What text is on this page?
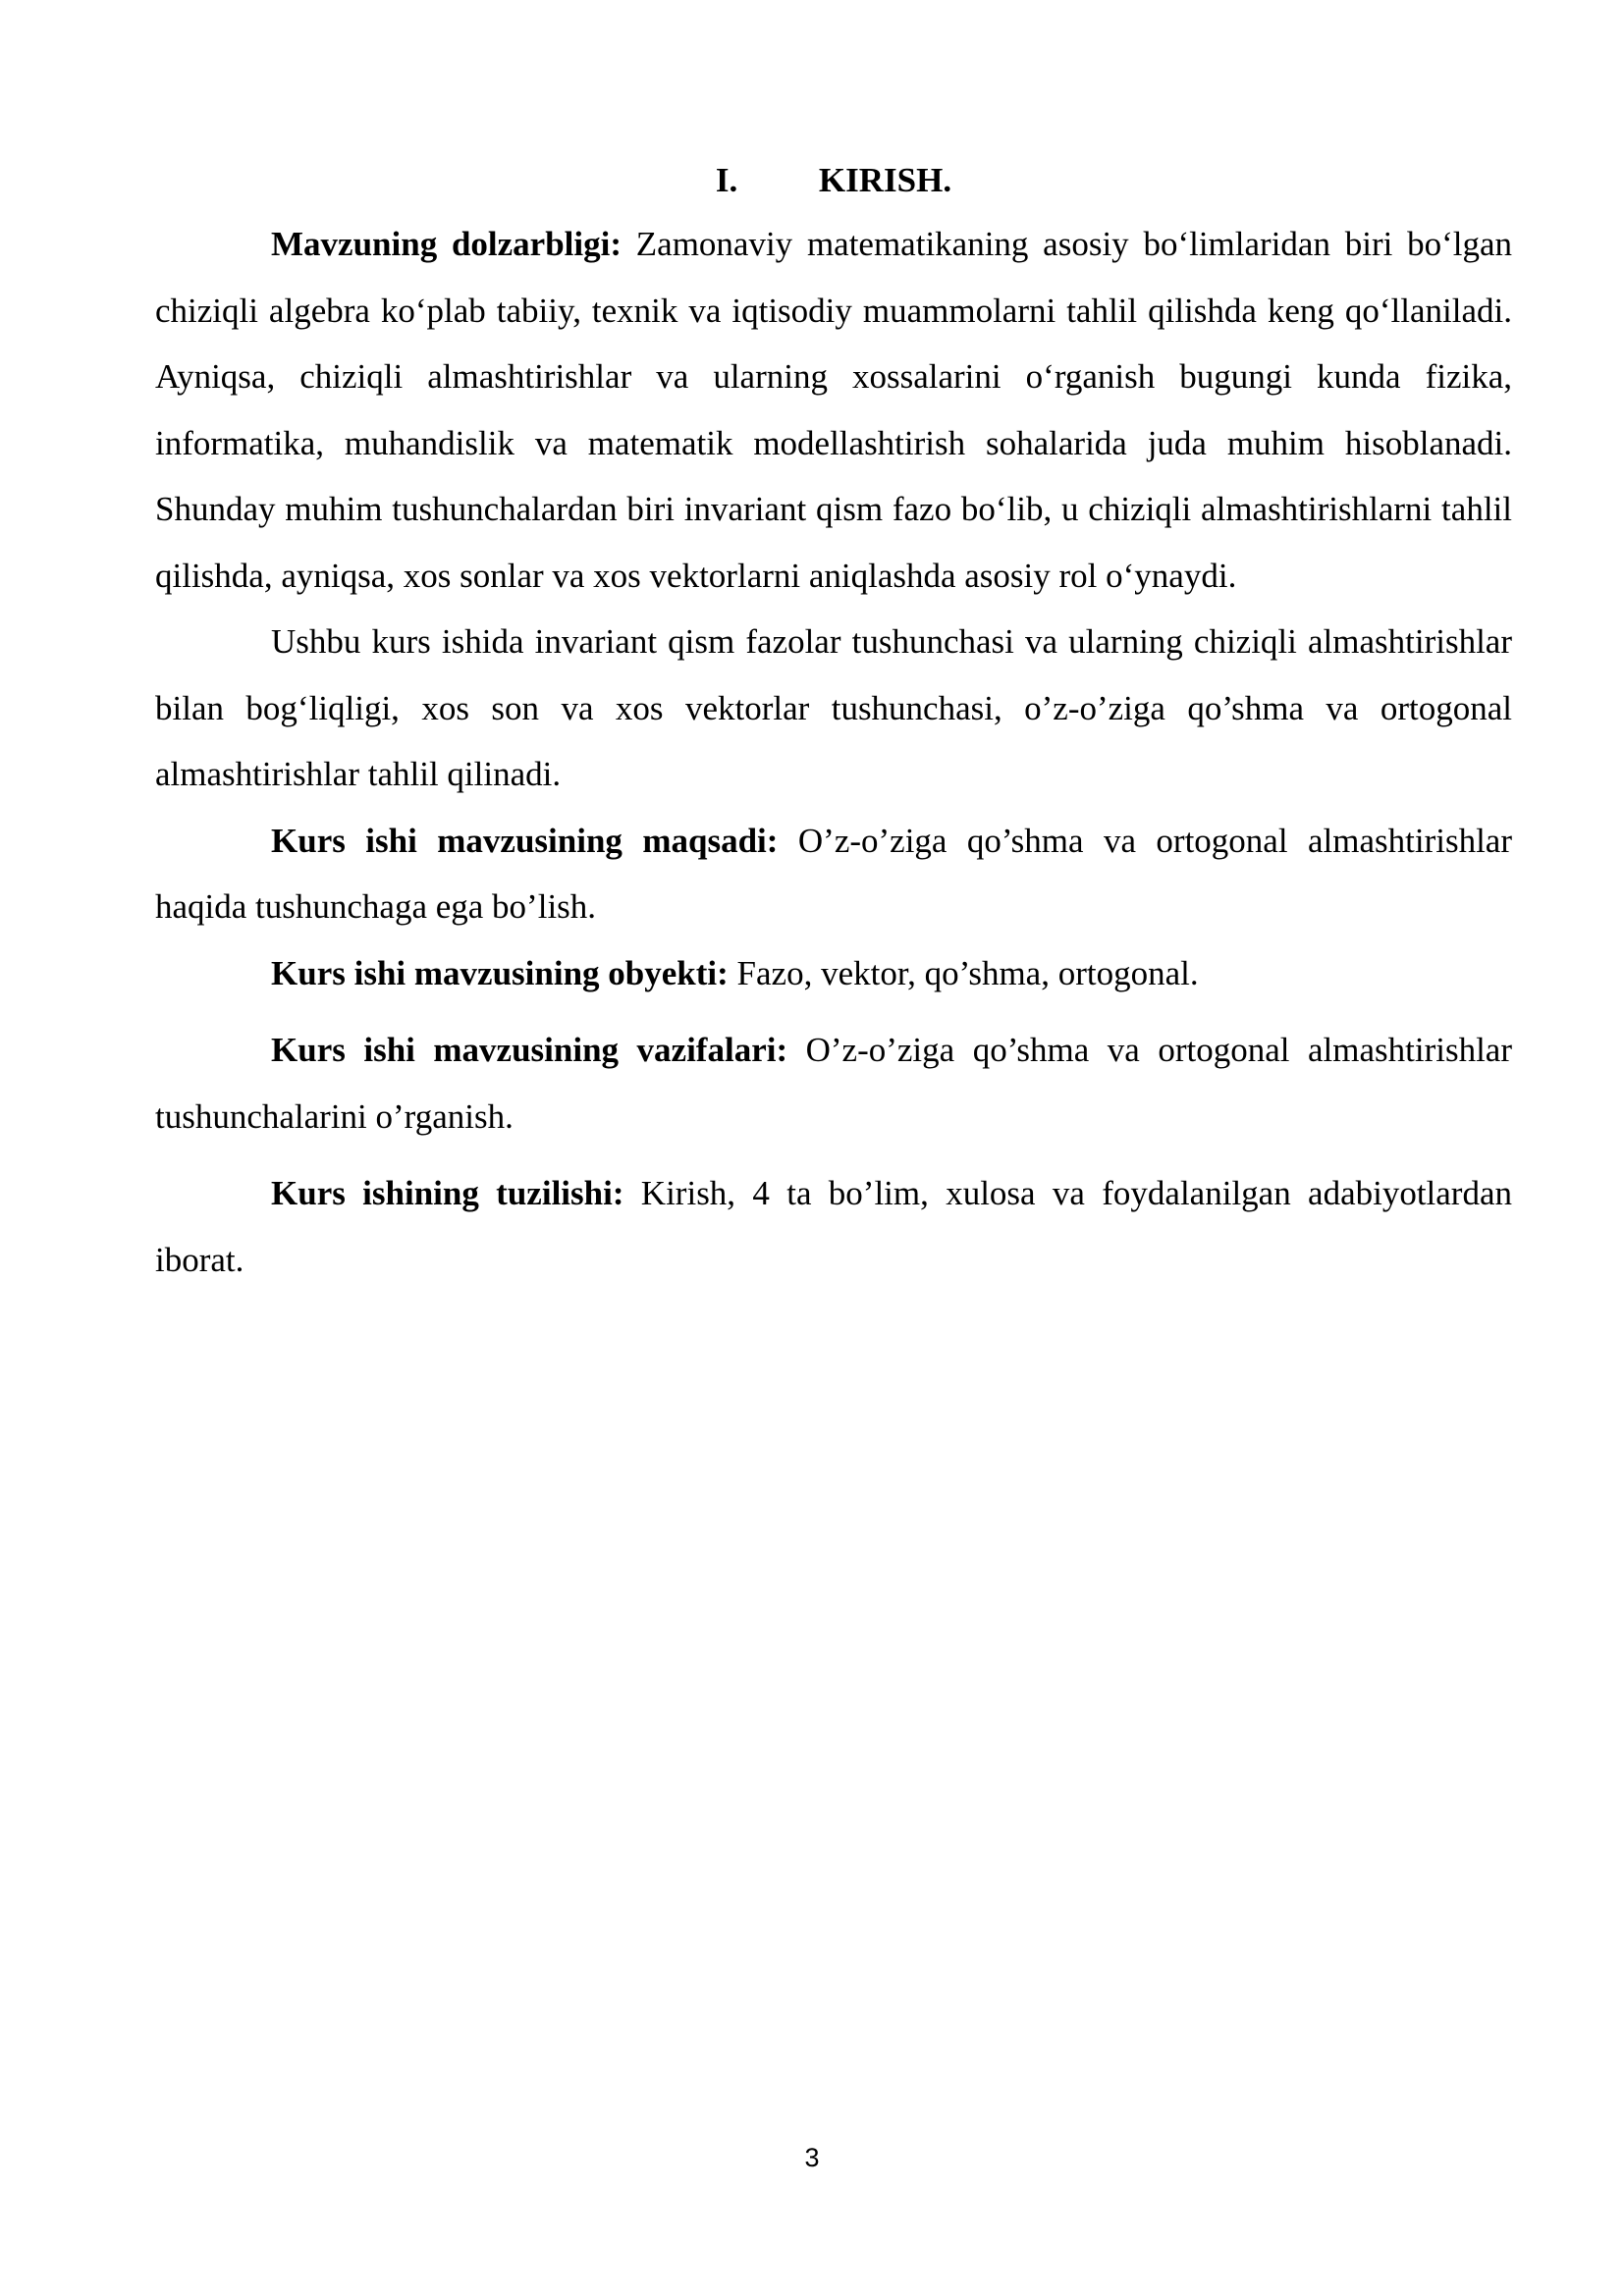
I. KIRISH.

Mavzuning dolzarbligi: Zamonaviy matematikaning asosiy bo‘limlaridan biri bo‘lgan chiziqli algebra ko‘plab tabiiy, texnik va iqtisodiy muammolarni tahlil qilishda keng qo‘llaniladi. Ayniqsa, chiziqli almashtirishlar va ularning xossalarini o‘rganish bugungi kunda fizika, informatika, muhandislik va matematik modellashtirish sohalarida juda muhim hisoblanadi. Shunday muhim tushunchalardan biri invariant qism fazo bo‘lib, u chiziqli almashtirishlarni tahlil qilishda, ayniqsa, xos sonlar va xos vektorlarni aniqlashda asosiy rol o‘ynaydi.

Ushbu kurs ishida invariant qism fazolar tushunchasi va ularning chiziqli almashtirishlar bilan bog‘liqligi, xos son va xos vektorlar tushunchasi, o’z-o’ziga qo’shma va ortogonal almashtirishlar tahlil qilinadi.

Kurs ishi mavzusining maqsadi: O’z-o’ziga qo’shma va ortogonal almashtirishlar haqida tushunchaga ega bo’lish.

Kurs ishi mavzusining obyekti: Fazo, vektor, qo’shma, ortogonal.

Kurs ishi mavzusining vazifalari: O’z-o’ziga qo’shma va ortogonal almashtirishlar tushunchalarini o’rganish.

Kurs ishining tuzilishi: Kirish, 4 ta bo’lim, xulosa va foydalanilgan adabiyotlardan iborat.

3
